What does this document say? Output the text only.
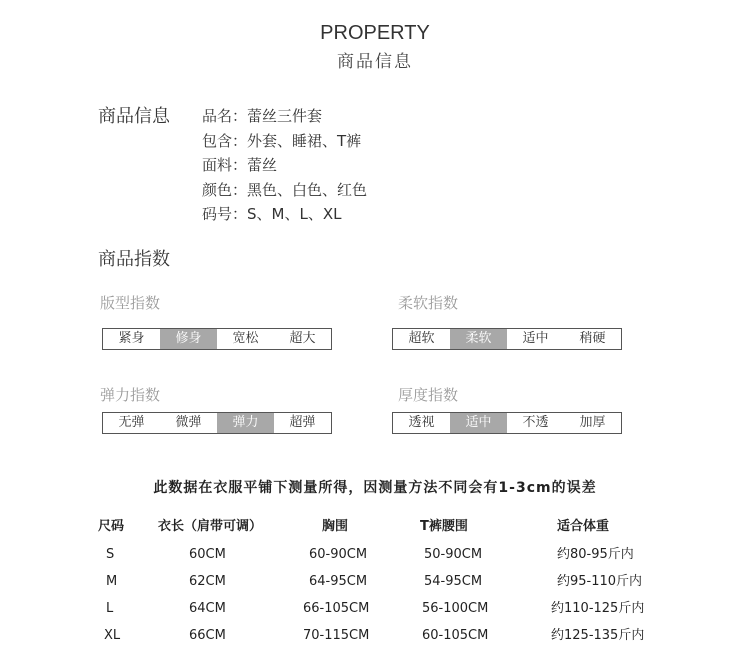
PROPERTY
商品信息
商品信息 品名：蕾丝三件套
包含：外套、睡裙、T裤
面料：蕾丝
颜色：黑色、白色、红色
码号：S、M、L、XL
商品指数
版型指数
紧身	修身	宽松	超大
柔软指数
超软	柔软	适中	稍硬
弹力指数
无弹	微弹	弹力	超弹
厚度指数
透视	适中	不透	加厚
此数据在衣服平铺下测量所得，因测量方法不同会有1-3cm的误差
尺码	衣长（肩带可调）	胸围	T裤腰围	适合体重
S	60CM	60-90CM	50-90CM	约80-95斤内
M	62CM	64-95CM	54-95CM	约95-110斤内
L	64CM	66-105CM	56-100CM	约110-125斤内
XL	66CM	70-115CM	60-105CM	约125-135斤内
